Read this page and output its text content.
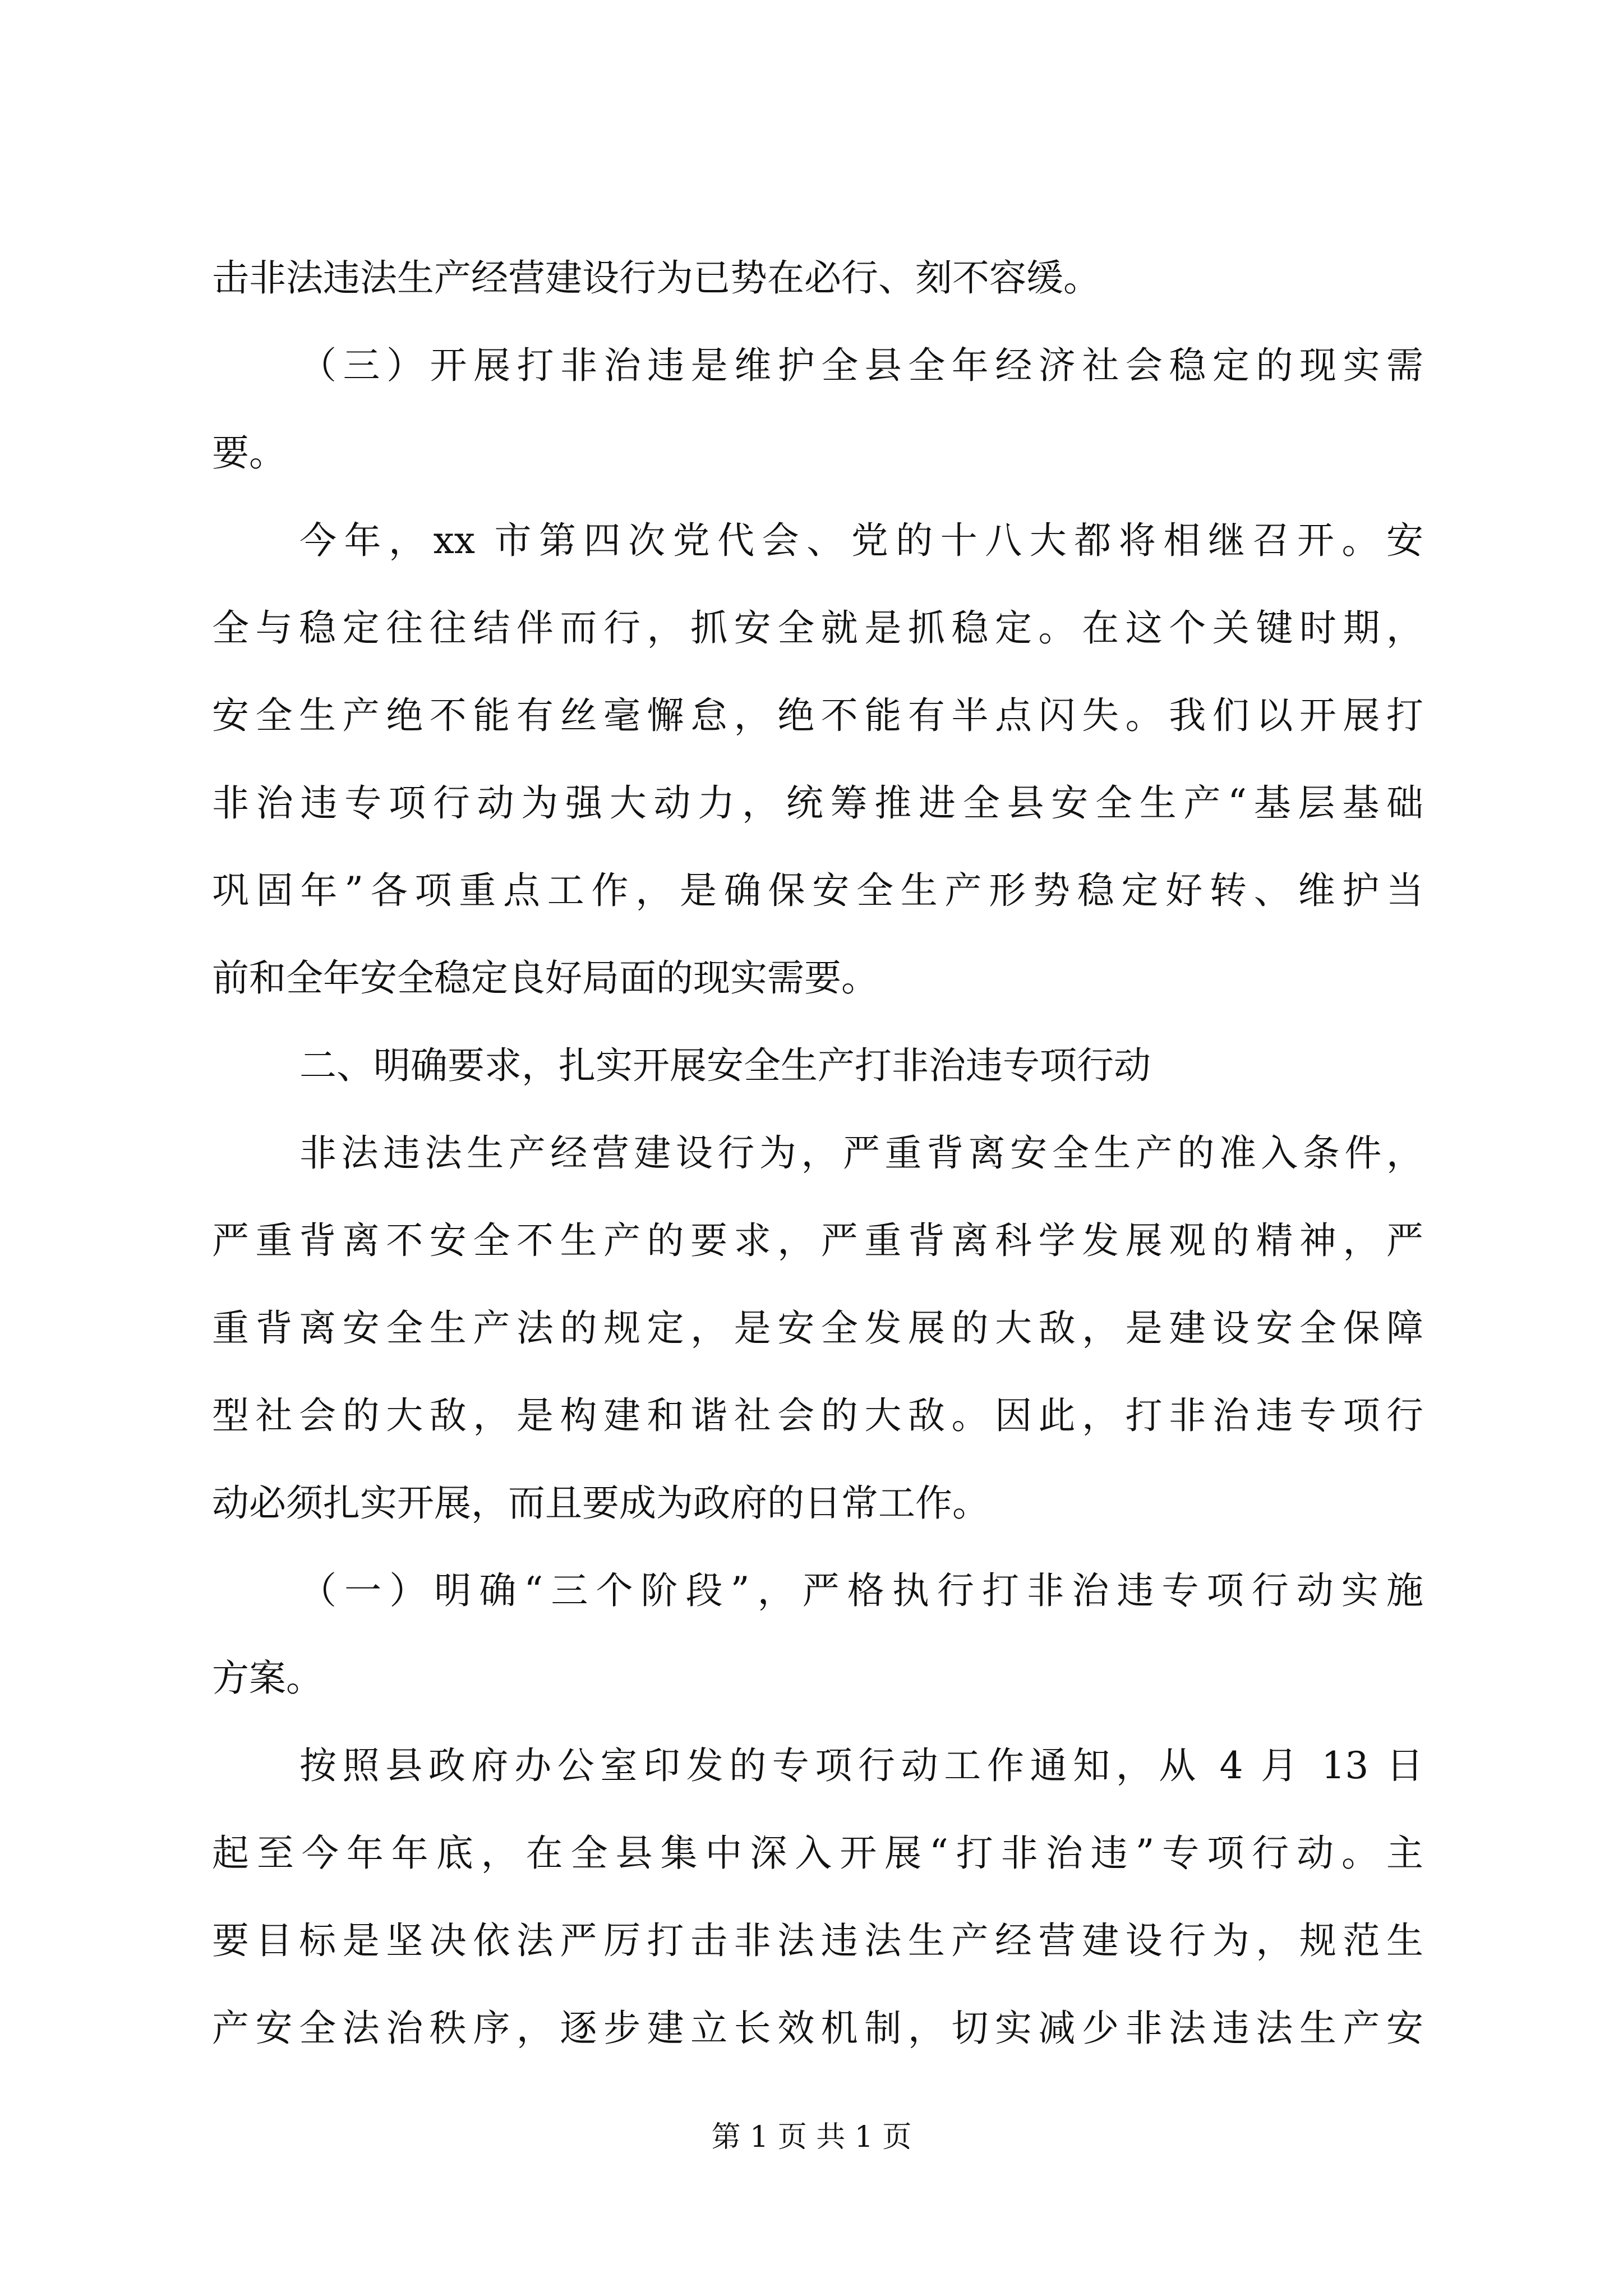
击非法违法生产经营建设行为已势在必行、刻不容缓。
（三）开展打非治违是维护全县全年经济社会稳定的现实需
要。
今年，xx 市第四次党代会、党的十八大都将相继召开。安
全与稳定往往结伴而行，抓安全就是抓稳定。在这个关键时期，
安全生产绝不能有丝毫懈怠，绝不能有半点闪失。我们以开展打
非治违专项行动为强大动力，统筹推进全县安全生产“基层基础
巩固年”各项重点工作，是确保安全生产形势稳定好转、维护当
前和全年安全稳定良好局面的现实需要。
二、明确要求，扎实开展安全生产打非治违专项行动
非法违法生产经营建设行为，严重背离安全生产的准入条件，
严重背离不安全不生产的要求，严重背离科学发展观的精神，严
重背离安全生产法的规定，是安全发展的大敌，是建设安全保障
型社会的大敌，是构建和谐社会的大敌。因此，打非治违专项行
动必须扎实开展，而且要成为政府的日常工作。
（一）明确“三个阶段”，严格执行打非治违专项行动实施
方案。
按照县政府办公室印发的专项行动工作通知，从 4 月 13 日
起至今年年底，在全县集中深入开展“打非治违”专项行动。主
要目标是坚决依法严厉打击非法违法生产经营建设行为，规范生
产安全法治秩序，逐步建立长效机制，切实减少非法违法生产安
第 1 页 共 1 页
